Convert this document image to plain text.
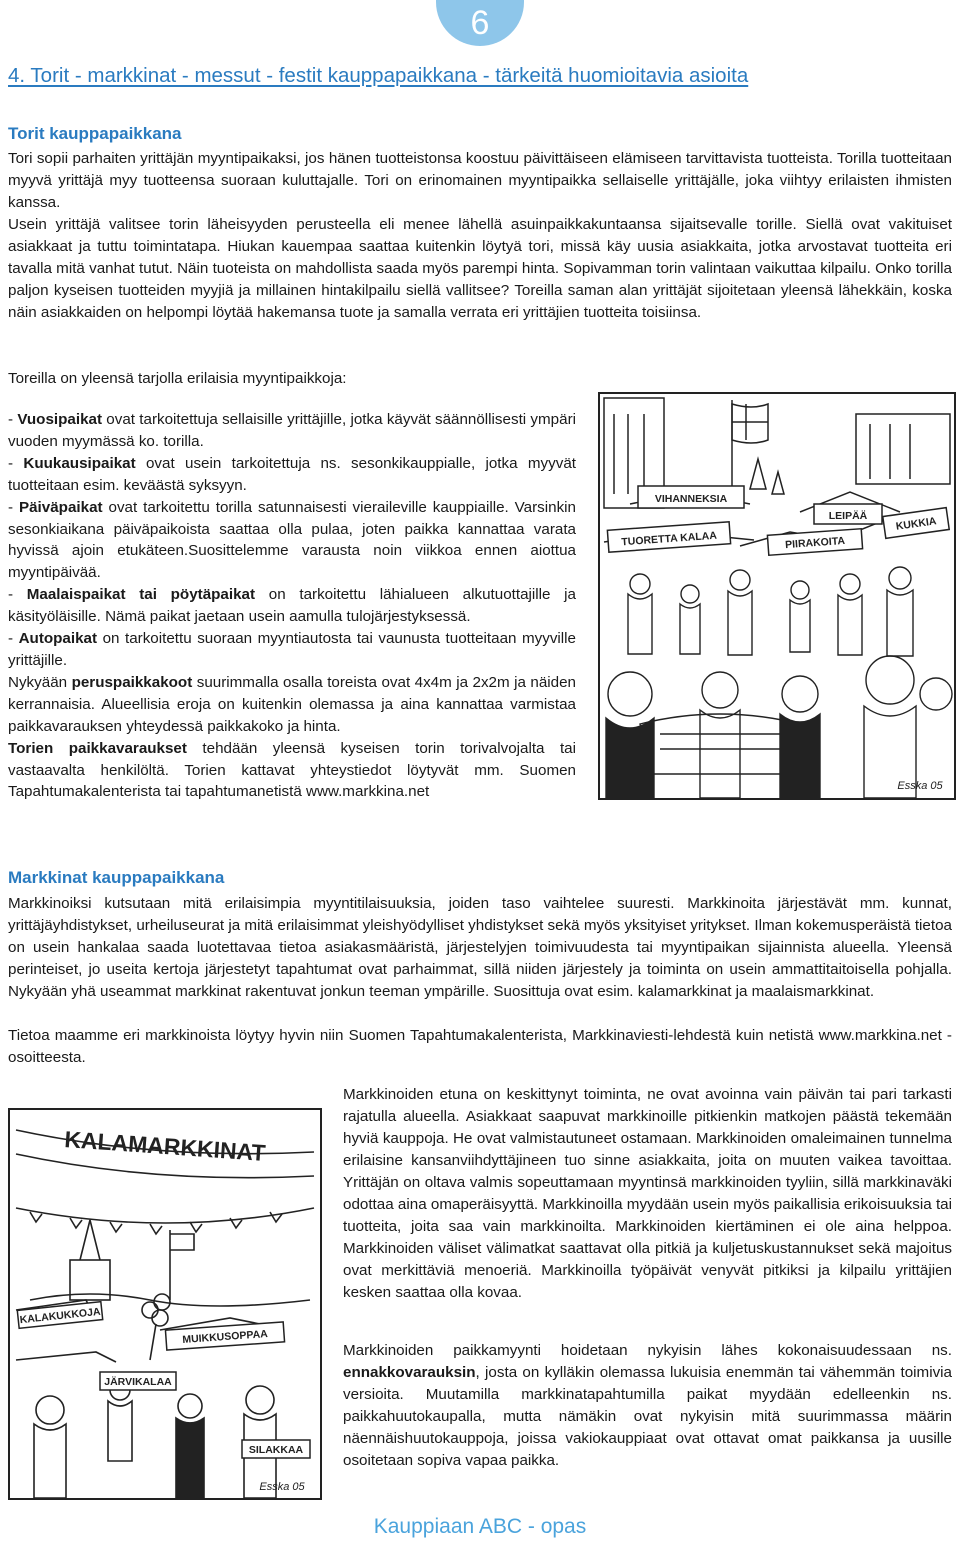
6
4. Torit - markkinat - messut - festit kauppapaikkana - tärkeitä huomioitavia asioita
Torit kauppapaikkana
Tori sopii parhaiten yrittäjän myyntipaikaksi, jos hänen tuotteistonsa koostuu päivittäiseen elämiseen tarvittavista tuotteista. Torilla tuotteitaan myyvä yrittäjä myy tuotteensa suoraan kuluttajalle. Tori on erinomainen myyntipaikka sellaiselle yrittäjälle, joka viihtyy erilaisten ihmisten kanssa.
Usein yrittäjä valitsee torin läheisyyden perusteella eli menee lähellä asuinpaikkakuntaansa sijaitsevalle torille. Siellä ovat vakituiset asiakkaat ja tuttu toimintatapa. Hiukan kauempaa saattaa kuitenkin löytyä tori, missä käy uusia asiakkaita, jotka arvostavat tuotteita eri tavalla mitä vanhat tutut. Näin tuoteista on mahdollista saada myös parempi hinta. Sopivamman torin valintaan vaikuttaa kilpailu. Onko torilla paljon kyseisen tuotteiden myyjiä ja millainen hintakilpailu siellä vallitsee? Toreilla saman alan yrittäjät sijoitetaan yleensä lähekkäin, koska näin asiakkaiden on helpompi löytää hakemansa tuote ja samalla verrata eri yrittäjien tuotteita toisiinsa.
Toreilla on yleensä tarjolla erilaisia myyntipaikkoja:
- Vuosipaikat ovat tarkoitettuja sellaisille yrittäjille, jotka käyvät säännöllisesti ympäri vuoden myymässä ko. torilla.
- Kuukausipaikat ovat usein tarkoitettuja ns. sesonkikauppialle, jotka myyvät tuotteitaan esim. keväästä syksyyn.
- Päiväpaikat ovat tarkoitettu torilla satunnaisesti vieraileville kauppiaille. Varsinkin sesonkiaikana päiväpaikoista saattaa olla pulaa, joten paikka kannattaa varata hyvissä ajoin etukäteen.Suosittelemme varausta noin viikkoa ennen aiottua myyntipäivää.
- Maalaispaikat tai pöytäpaikat on tarkoitettu lähialueen alkutuottajille ja käsityöläisille. Nämä paikat jaetaan usein aamulla tulojärjestyksessä.
- Autopaikat on tarkoitettu suoraan myyntiautosta tai vaunusta tuotteitaan myyville yrittäjille.
Nykyään peruspaikkakoot suurimmalla osalla toreista ovat 4x4m ja 2x2m ja näiden kerrannaisia. Alueellisia eroja on kuitenkin olemassa ja aina kannattaa varmistaa paikkavarauksen yhteydessä paikkakoko ja hinta.
Torien paikkavaraukset tehdään yleensä kyseisen torin torivalvojalta tai vastaavalta henkilöltä. Torien kattavat yhteystiedot löytyvät mm. Suomen Tapahtumakalenterista tai tapahtumanetistä www.markkina.net
VIHANNEKSIA
LEIPÄÄ	KUKKIA
TUORETTA KALAA	PIIRAKOITA
Esska 05
Markkinat kauppapaikkana
Markkinoiksi kutsutaan mitä erilaisimpia myyntitilaisuuksia, joiden taso vaihtelee suuresti. Markkinoita järjestävät mm. kunnat, yrittäjäyhdistykset, urheiluseurat ja mitä erilaisimmat yleishyödylliset yhdistykset sekä myös yksityiset yritykset. Ilman kokemusperäistä tietoa on usein hankalaa saada luotettavaa tietoa asiakasmääristä, järjestelyjen toimivuudesta tai myyntipaikan sijainnista alueella. Yleensä perinteiset, jo useita kertoja järjestetyt tapahtumat ovat parhaimmat, sillä niiden järjestely ja toiminta on usein ammattitaitoisella pohjalla. Nykyään yhä useammat markkinat rakentuvat jonkun teeman ympärille. Suosittuja ovat esim. kalamarkkinat ja maalaismarkkinat.
Tietoa maamme eri markkinoista löytyy hyvin niin Suomen Tapahtumakalenterista, Markkinaviesti-lehdestä kuin netistä www.markkina.net -osoitteesta.
KALAMARKKINAT
KALAKUKKOJA
MUIKKUSOPPAA
JÄRVIKALAA
SILAKKAA
Esska 05
Markkinoiden etuna on keskittynyt toiminta, ne ovat avoinna vain päivän tai pari tarkasti rajatulla alueella. Asiakkaat saapuvat markkinoille pitkienkin matkojen päästä tekemään hyviä kauppoja. He ovat valmistautuneet ostamaan. Markkinoiden omaleimainen tunnelma erilaisine kansanviihdyttäjineen tuo sinne asiakkaita, joita on muuten vaikea tavoittaa. Yrittäjän on oltava valmis sopeuttamaan myyntinsä markkinoiden tyyliin, sillä markkinaväki odottaa aina omaperäisyyttä. Markkinoilla myydään usein myös paikallisia erikoisuuksia tai tuotteita, joita saa vain markkinoilta. Markkinoiden kiertäminen ei ole aina helppoa. Markkinoiden väliset välimatkat saattavat olla pitkiä ja kuljetuskustannukset sekä majoitus ovat merkittäviä menoeriä. Markkinoilla työpäivät venyvät pitkiksi ja kilpailu yrittäjien kesken saattaa olla kovaa.
Markkinoiden paikkamyynti hoidetaan nykyisin lähes kokonaisuudessaan ns. ennakkovarauksin, josta on kylläkin olemassa lukuisia enemmän tai vähemmän toimivia versioita. Muutamilla markkinatapahtumilla paikat myydään edelleenkin ns. paikkahuutokaupalla, mutta nämäkin ovat nykyisin mitä suurimmassa määrin näennäishuutokauppoja, joissa vakiokauppiaat ovat ottavat omat paikkansa ja uusille osoitetaan sopiva vapaa paikka.
Kauppiaan ABC - opas
